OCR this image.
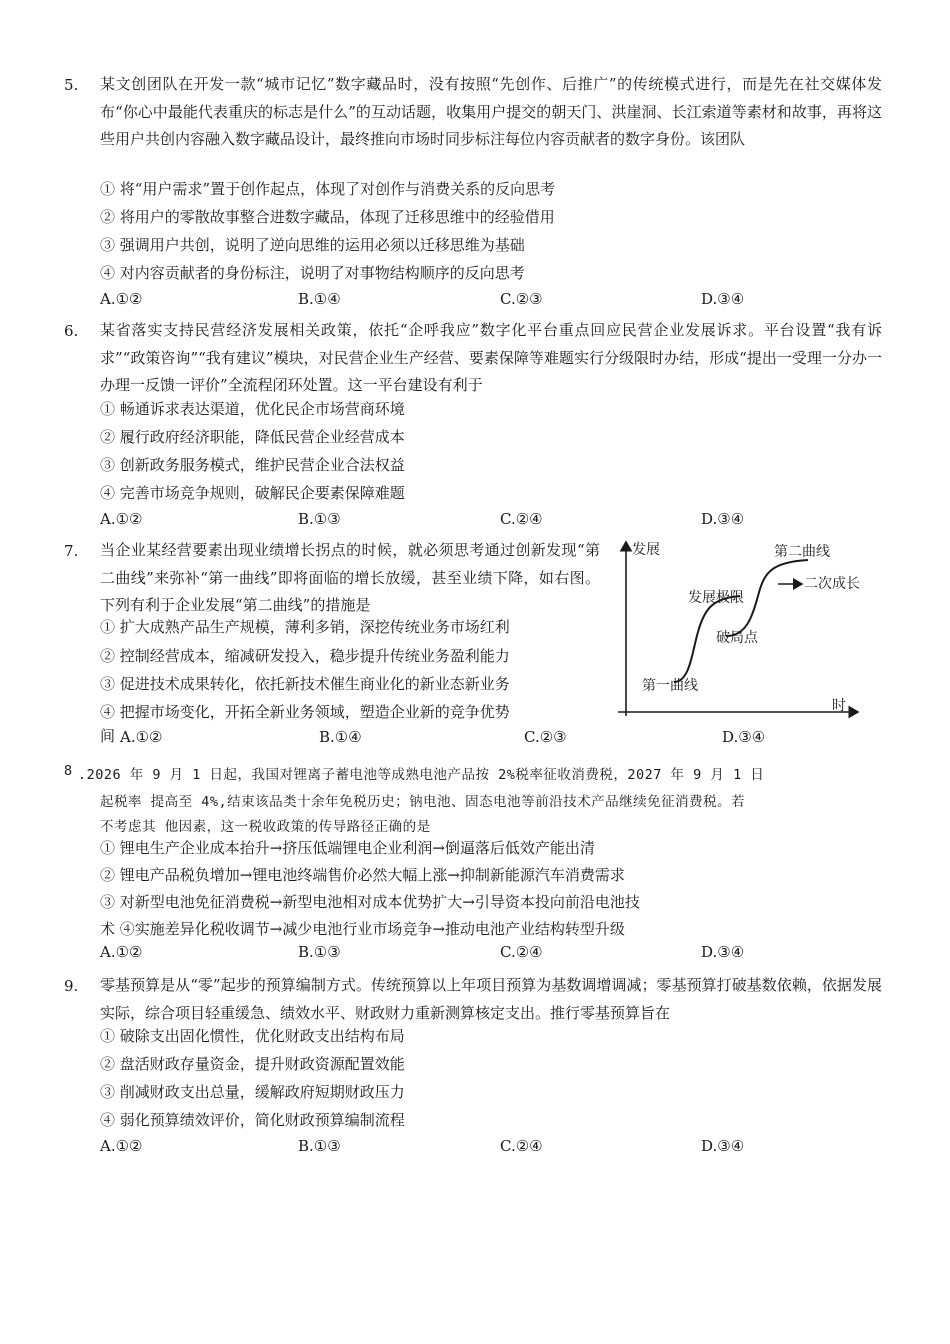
5. 某文创团队在开发一款“城市记忆”数字藏品时，没有按照“先创作、后推广”的传统模式进行，而是先在社交媒体发布“你心中最能代表重庆的标志是什么”的互动话题，收集用户提交的朝天门、洪崖洞、长江索道等素材和故事，再将这些用户共创内容融入数字藏品设计，最终推向市场时同步标注每位内容贡献者的数字身份。该团队
① 将“用户需求”置于创作起点，体现了对创作与消费关系的反向思考
② 将用户的零散故事整合进数字藏品，体现了迁移思维中的经验借用
③ 强调用户共创，说明了逆向思维的运用必须以迁移思维为基础
④ 对内容贡献者的身份标注，说明了对事物结构顺序的反向思考
A.①②	B.①④	C.②③	D.③④
6. 某省落实支持民营经济发展相关政策，依托“企呼我应”数字化平台重点回应民营企业发展诉求。平台设置“我有诉求”“政策咨询”“我有建议”模块，对民营企业生产经营、要素保障等难题实行分级限时办结，形成“提出一受理一分办一办理一反馈一评价”全流程闭环处置。这一平台建设有利于
① 畅通诉求表达渠道，优化民企市场营商环境
② 履行政府经济职能，降低民营企业经营成本
③ 创新政务服务模式，维护民营企业合法权益
④ 完善市场竞争规则，破解民企要素保障难题
A.①②	B.①③	C.②④	D.③④
7. 当企业某经营要素出现业绩增长拐点的时候，就必须思考通过创新发现“第二曲线”来弥补“第一曲线”即将面临的增长放缓，甚至业绩下降，如右图。下列有利于企业发展“第二曲线”的措施是
① 扩大成熟产品生产规模，薄利多销，深挖传统业务市场红利
② 控制经营成本，缩减研发投入，稳步提升传统业务盈利能力
③ 促进技术成果转化，依托新技术催生商业化的新业态新业务
④ 把握市场变化，开拓全新业务领域，塑造企业新的竞争优势
间 A.①②	B.①④	C.②③	D.③④
发展
时
第二曲线
二次成长
发展极限
破局点
第一曲线
8 .2026 年 9 月 1 日起，我国对锂离子蓄电池等成熟电池产品按 2%税率征收消费税，2027 年 9 月 1 日
起税率 提高至 4%,结束该品类十余年免税历史；钠电池、固态电池等前沿技术产品继续免征消费税。若
不考虑其 他因素，这一税收政策的传导路径正确的是
① 锂电生产企业成本抬升→挤压低端锂电企业利润→倒逼落后低效产能出清
② 锂电产品税负增加→锂电池终端售价必然大幅上涨→抑制新能源汽车消费需求
③ 对新型电池免征消费税→新型电池相对成本优势扩大→引导资本投向前沿电池技
术 ④实施差异化税收调节→减少电池行业市场竞争→推动电池产业结构转型升级
A.①②	B.①③	C.②④	D.③④
9. 零基预算是从“零”起步的预算编制方式。传统预算以上年项目预算为基数调增调减；零基预算打破基数依赖，依据发展实际，综合项目轻重缓急、绩效水平、财政财力重新测算核定支出。推行零基预算旨在
① 破除支出固化惯性，优化财政支出结构布局
② 盘活财政存量资金，提升财政资源配置效能
③ 削减财政支出总量，缓解政府短期财政压力
④ 弱化预算绩效评价，简化财政预算编制流程
A.①②	B.①③	C.②④	D.③④
